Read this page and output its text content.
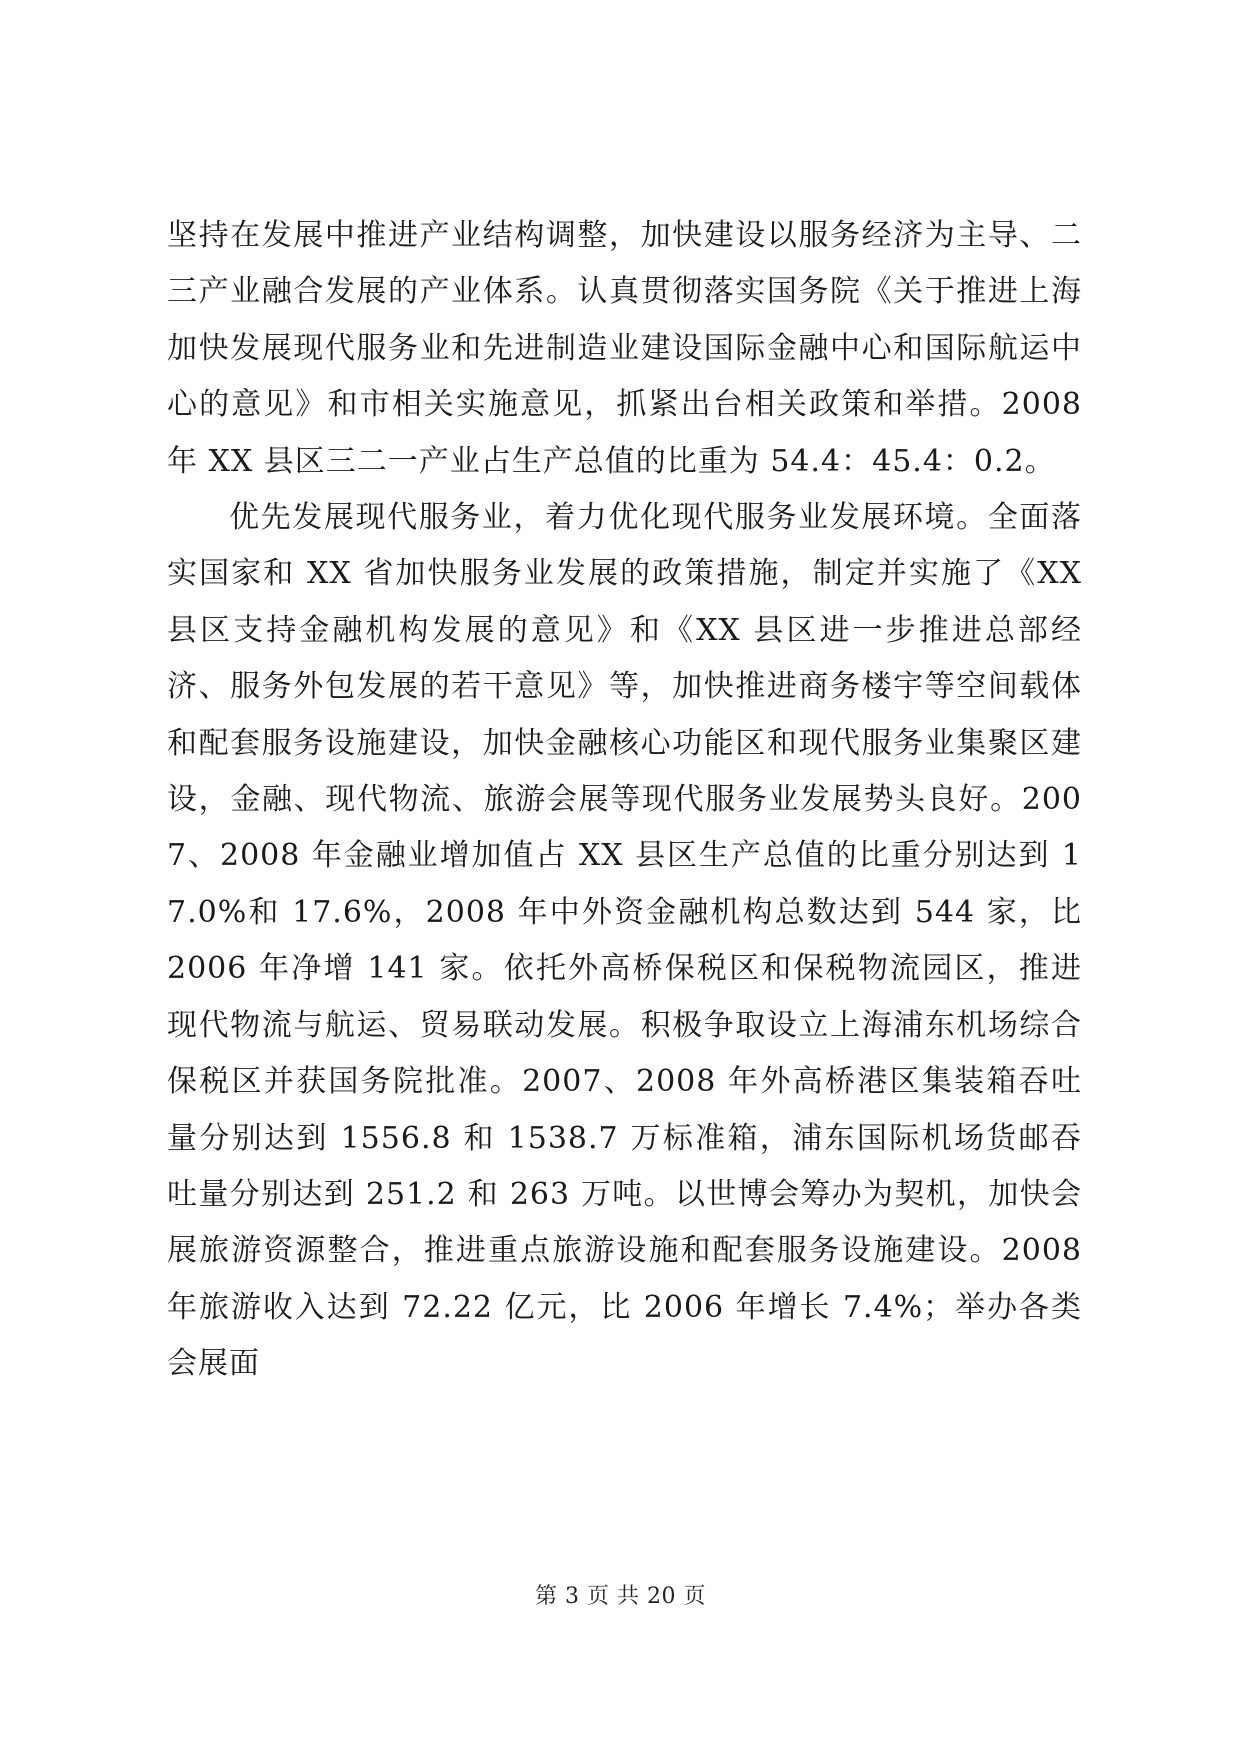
坚持在发展中推进产业结构调整，加快建设以服务经济为主导、二三产业融合发展的产业体系。认真贯彻落实国务院《关于推进上海加快发展现代服务业和先进制造业建设国际金融中心和国际航运中心的意见》和市相关实施意见，抓紧出台相关政策和举措。2008 年 XX 县区三二一产业占生产总值的比重为 54.4：45.4：0.2。

优先发展现代服务业，着力优化现代服务业发展环境。全面落实国家和 XX 省加快服务业发展的政策措施，制定并实施了《XX 县区支持金融机构发展的意见》和《XX 县区进一步推进总部经济、服务外包发展的若干意见》等，加快推进商务楼宇等空间载体和配套服务设施建设，加快金融核心功能区和现代服务业集聚区建设，金融、现代物流、旅游会展等现代服务业发展势头良好。2007、2008 年金融业增加值占 XX 县区生产总值的比重分别达到 17.0%和 17.6%，2008 年中外资金融机构总数达到 544 家，比 2006 年净增 141 家。依托外高桥保税区和保税物流园区，推进现代物流与航运、贸易联动发展。积极争取设立上海浦东机场综合保税区并获国务院批准。2007、2008 年外高桥港区集装箱吞吐量分别达到 1556.8 和 1538.7 万标准箱，浦东国际机场货邮吞吐量分别达到 251.2 和 263 万吨。以世博会筹办为契机，加快会展旅游资源整合，推进重点旅游设施和配套服务设施建设。2008 年旅游收入达到 72.22 亿元，比 2006 年增长 7.4%；举办各类会展面

第 3 页 共 20 页
